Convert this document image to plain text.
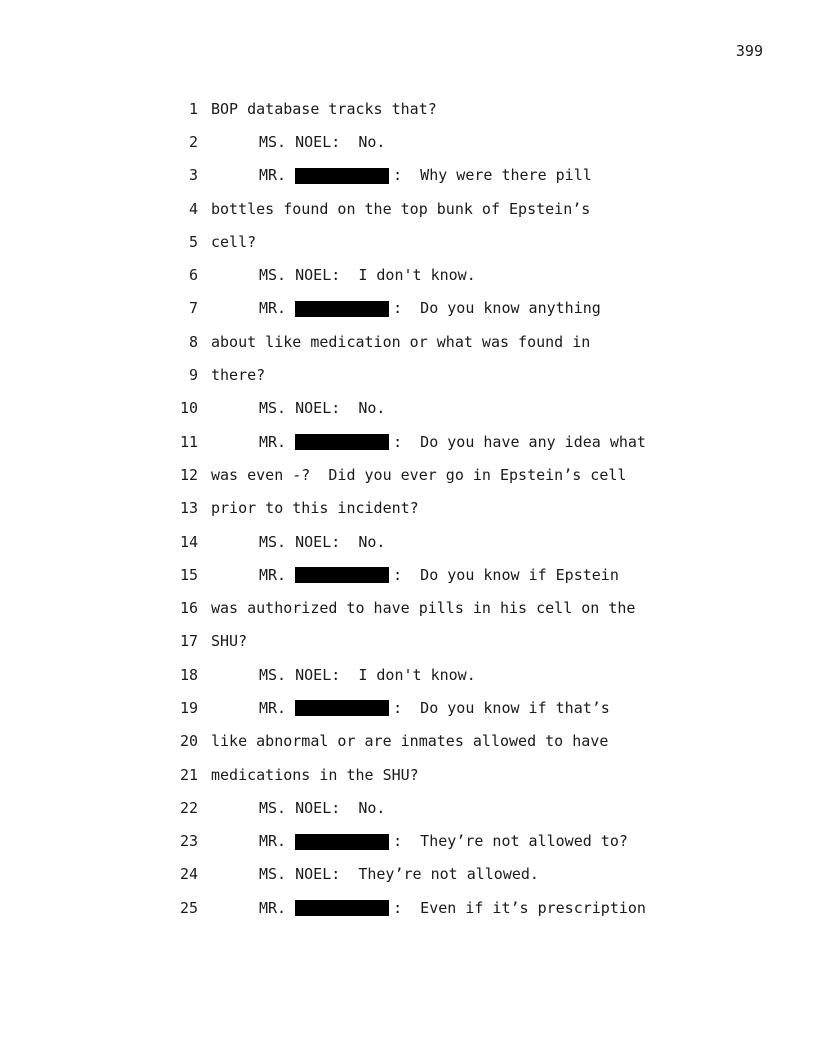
399
1 BOP database tracks that?
2	MS. NOEL:  No.
3	MR.	:  Why were there pill
4 bottles found on the top bunk of Epstein’s
5 cell?
6	MS. NOEL:  I don't know.
7	MR.	:  Do you know anything
8 about like medication or what was found in
9 there?
10	MS. NOEL:  No.
11	MR.	:  Do you have any idea what
12 was even -?  Did you ever go in Epstein’s cell
13 prior to this incident?
14	MS. NOEL:  No.
15	MR.	:  Do you know if Epstein
16 was authorized to have pills in his cell on the
17 SHU?
18	MS. NOEL:  I don't know.
19	MR.	:  Do you know if that’s
20 like abnormal or are inmates allowed to have
21 medications in the SHU?
22	MS. NOEL:  No.
23	MR.	:  They’re not allowed to?
24	MS. NOEL:  They’re not allowed.
25	MR.	:  Even if it’s prescription
